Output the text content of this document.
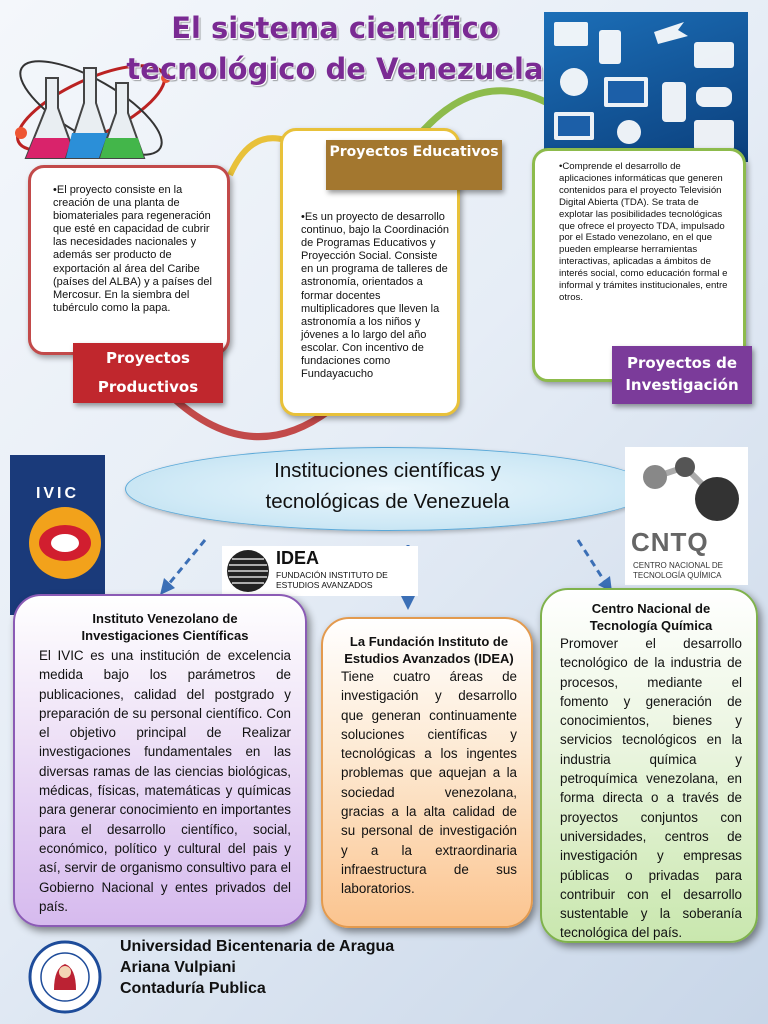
El sistema científico tecnológico de Venezuela

•El proyecto consiste en la creación de una planta de biomateriales para regeneración que esté en capacidad de cubrir las necesidades nacionales y además ser producto de exportación al área del Caribe (países del ALBA) y a países del Mercosur. En la siembra del tubérculo como la papa.

Proyectos Productivos

•Es un proyecto de desarrollo continuo, bajo la Coordinación de Programas Educativos y Proyección Social. Consiste en un programa de talleres de astronomía, orientados a formar docentes multiplicadores que lleven la astronomía a los niños y jóvenes a lo largo del año escolar. Con incentivo de fundaciones como Fundayacucho

Proyectos Educativos

•Comprende el desarrollo de aplicaciones informáticas que generen contenidos para el proyecto Televisión Digital Abierta (TDA). Se trata de explotar las posibilidades tecnológicas que ofrece el proyecto TDA, impulsado por el Estado venezolano, en el que pueden emplearse herramientas interactivas, aplicadas a ámbitos de interés social, como educación formal e informal y trámites institucionales, entre otros.

Proyectos de Investigación
IVIC
Instituciones científicas y tecnológicas de Venezuela
IDEA
FUNDACIÓN INSTITUTO DE ESTUDIOS AVANZADOS
CNTQ
CENTRO NACIONAL DE TECNOLOGÍA QUÍMICA
Instituto Venezolano de Investigaciones Científicas

El IVIC es una institución de excelencia medida bajo los parámetros de publicaciones, calidad del postgrado y preparación de su personal científico. Con el objetivo principal de Realizar investigaciones fundamentales en las diversas ramas de las ciencias biológicas, médicas, físicas, matemáticas y químicas para generar conocimiento en importantes para el desarrollo científico, social, económico, político y cultural del pais y así, servir de organismo consultivo para el Gobierno Nacional y entes privados del país.

La Fundación Instituto de Estudios Avanzados (IDEA)

Tiene cuatro áreas de investigación y desarrollo que generan continuamente soluciones científicas y tecnológicas a los ingentes problemas que aquejan a la sociedad venezolana, gracias a la alta calidad de su personal de investigación y a la extraordinaria infraestructura de sus laboratorios.

Centro Nacional de Tecnología Química

Promover el desarrollo tecnológico de la industria de procesos, mediante el fomento y generación de conocimientos, bienes y servicios tecnológicos en la industria química y petroquímica venezolana, en forma directa o a través de proyectos conjuntos con universidades, centros de investigación y empresas públicas o privadas para contribuir con el desarrollo sustentable y la soberanía tecnológica del país.

Universidad Bicentenaria de Aragua
Ariana Vulpiani
Contaduría Publica
